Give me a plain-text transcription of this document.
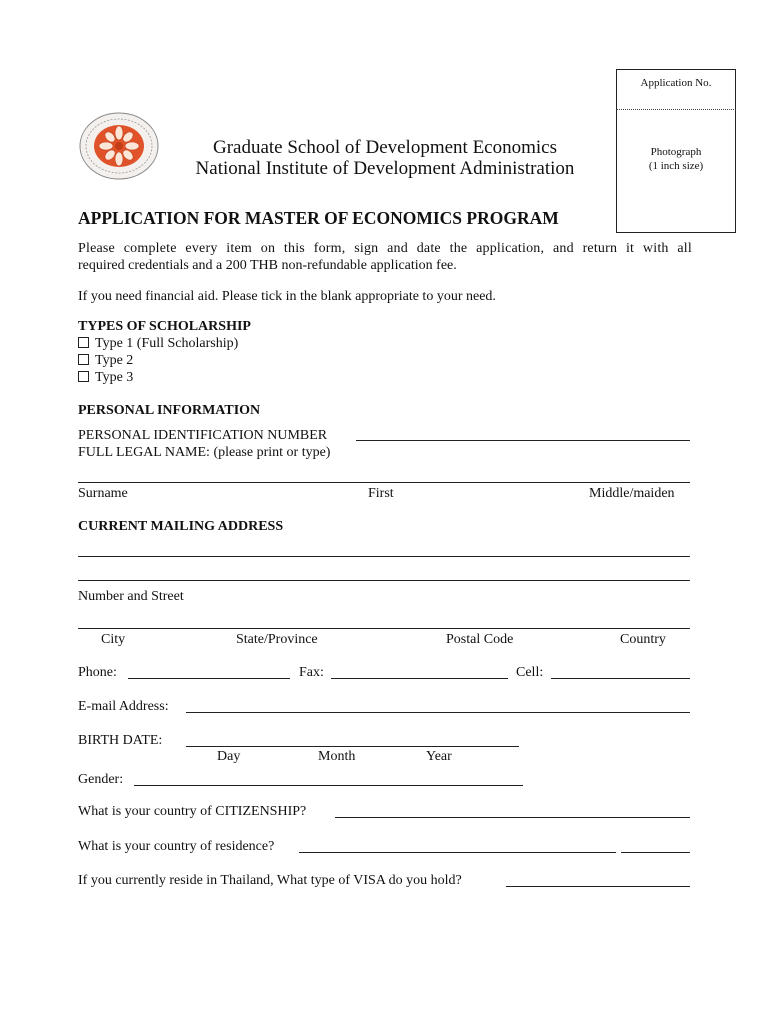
Application No.
Photograph
(1 inch size)
Graduate School of Development Economics
National Institute of Development Administration
APPLICATION FOR MASTER OF ECONOMICS PROGRAM
Please complete every item on this form, sign and date the application, and return it with all
required credentials and a 200 THB non-refundable application fee.
If you need financial aid. Please tick in the blank appropriate to your need.
TYPES OF SCHOLARSHIP
Type 1 (Full Scholarship)
Type 2
Type 3
PERSONAL INFORMATION
PERSONAL IDENTIFICATION NUMBER
FULL LEGAL NAME: (please print or type)
Surname	First	Middle/maiden
CURRENT MAILING ADDRESS
Number and Street
City	State/Province	Postal Code	Country
Phone:	Fax:	Cell:
E-mail Address:
BIRTH DATE:
Day	Month	Year
Gender:
What is your country of CITIZENSHIP?
What is your country of residence?
If you currently reside in Thailand, What type of VISA do you hold?
